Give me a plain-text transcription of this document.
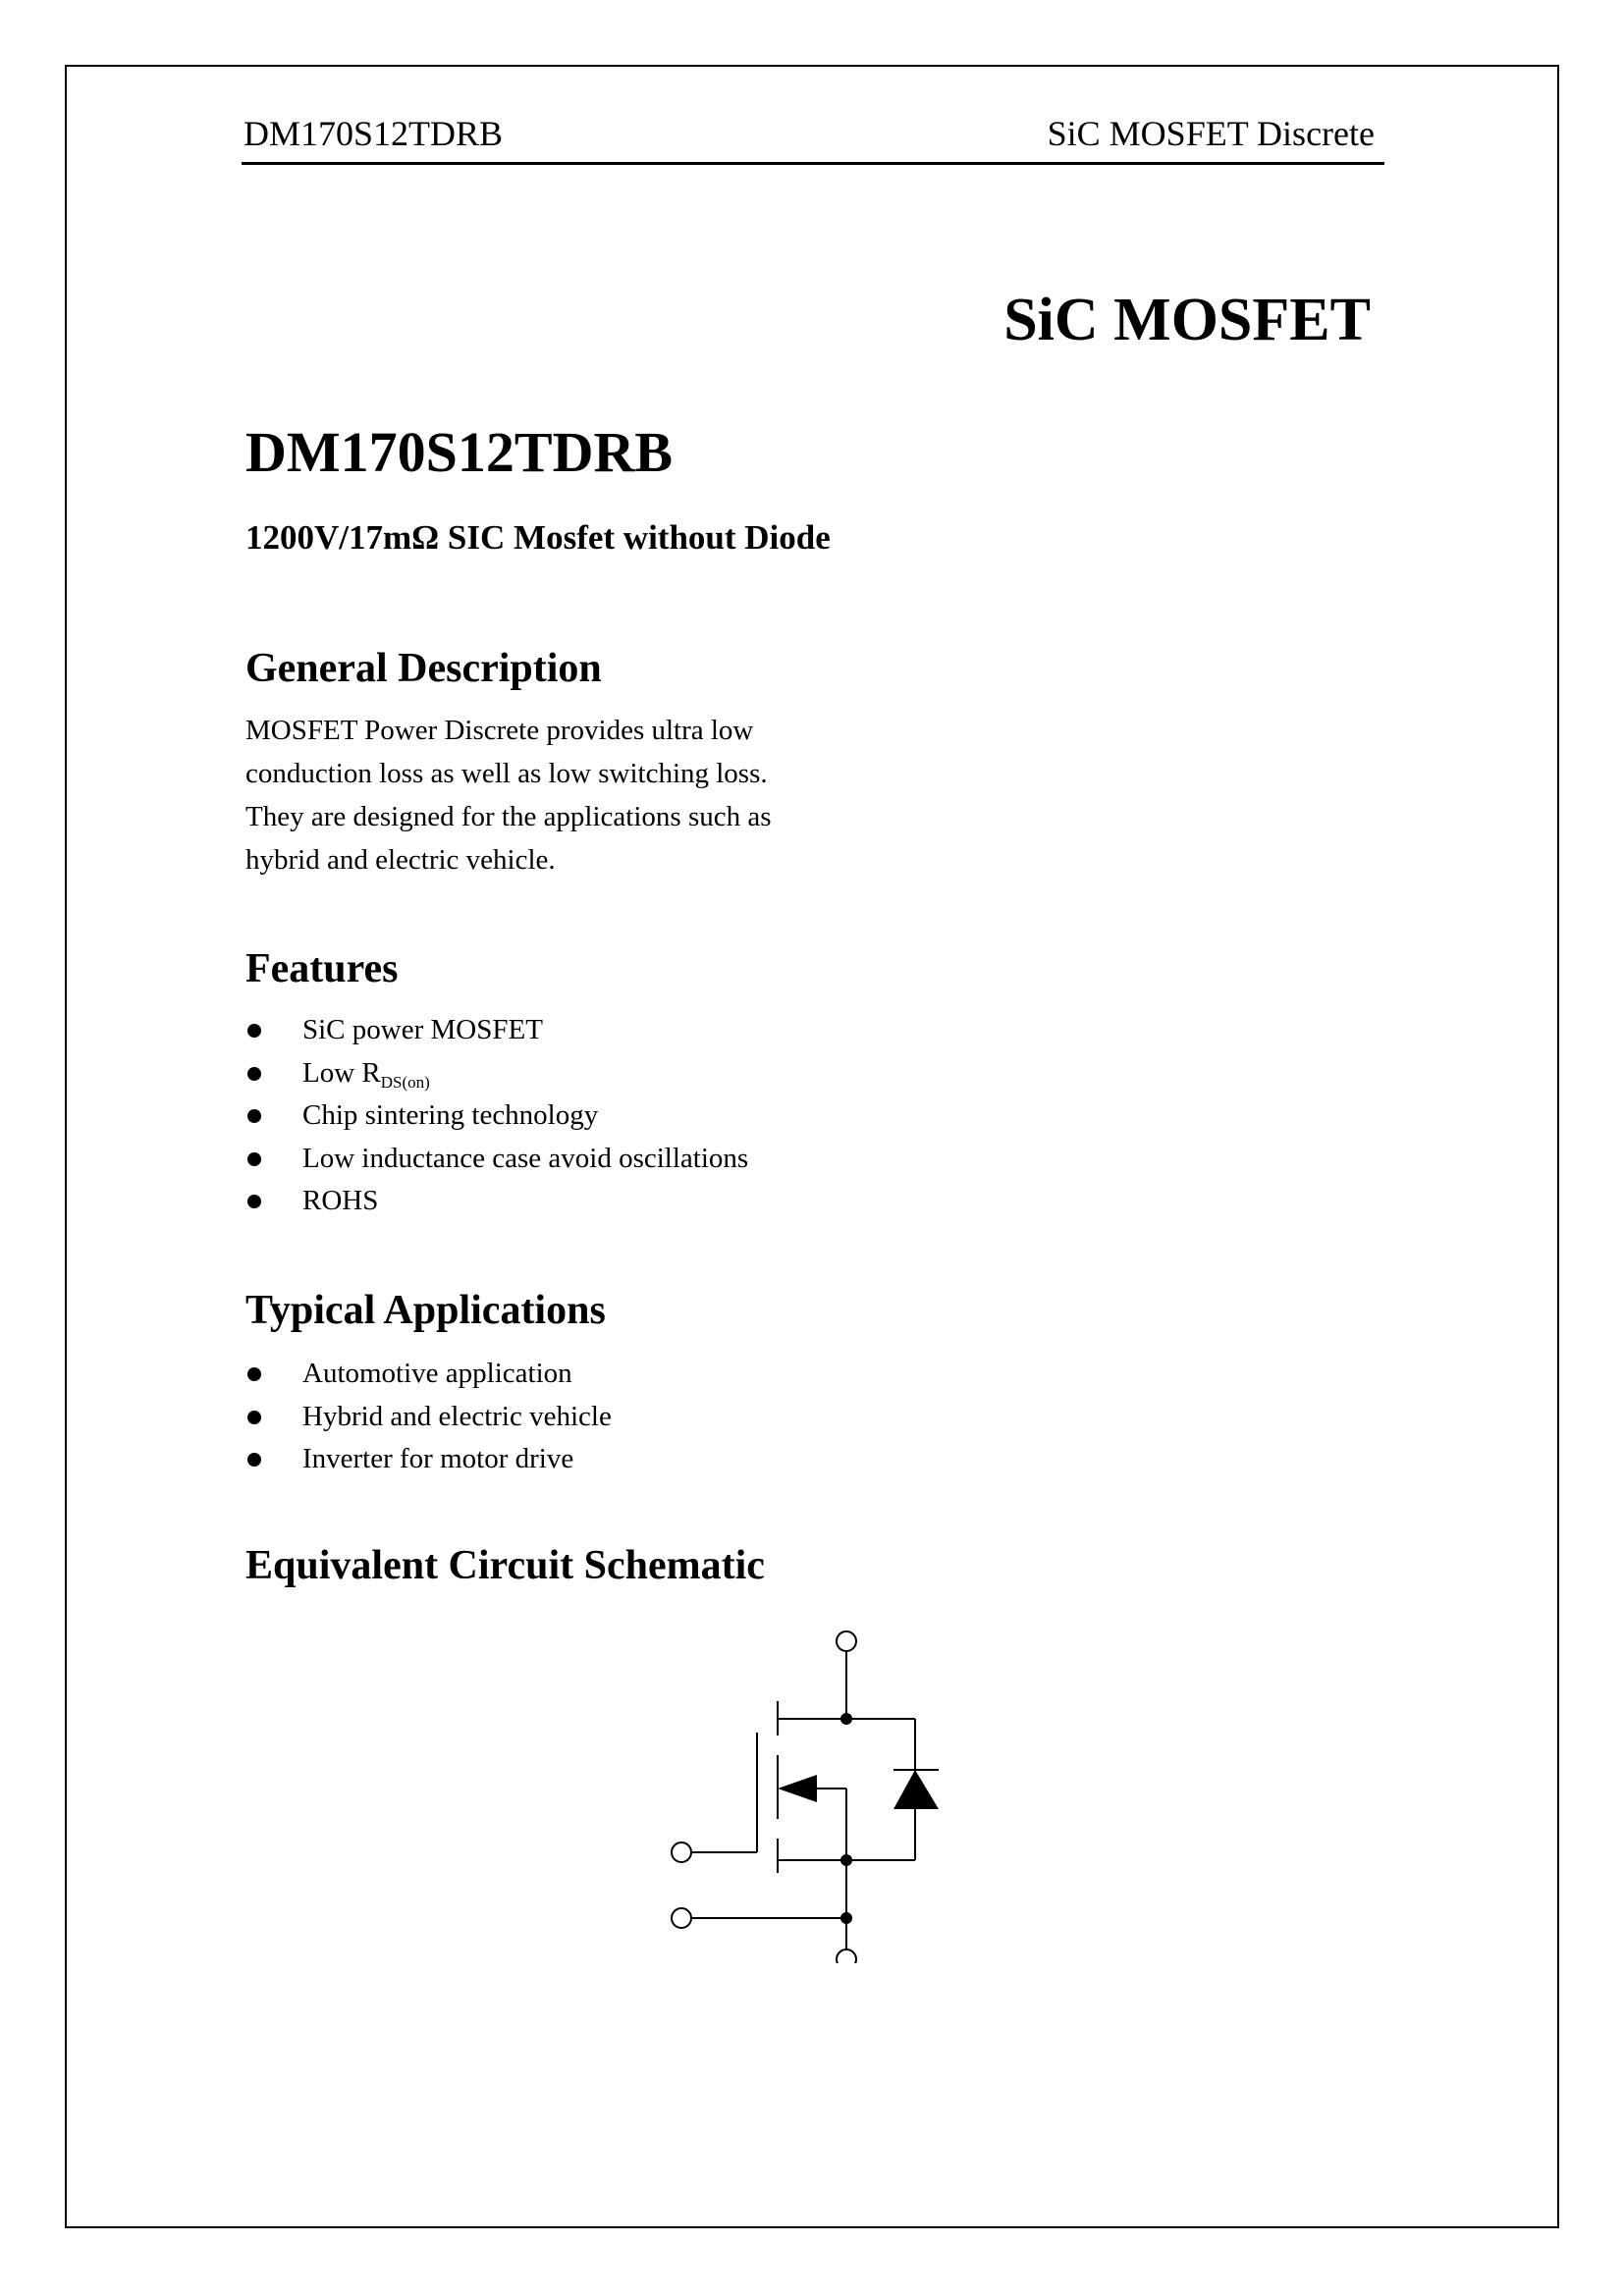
DM170S12TDRB	SiC MOSFET Discrete
SiC MOSFET
DM170S12TDRB
1200V/17mΩ SIC Mosfet without Diode
General Description

MOSFET Power Discrete provides ultra low
conduction loss as well as low switching loss.
They are designed for the applications such as
hybrid and electric vehicle.

Features
SiC power MOSFET
Low $R_{DS(on)}$
Chip sintering technology
Low inductance case avoid oscillations
ROHS
Typical Applications
Automotive application
Hybrid and electric vehicle
Inverter for motor drive
Equivalent Circuit Schematic
